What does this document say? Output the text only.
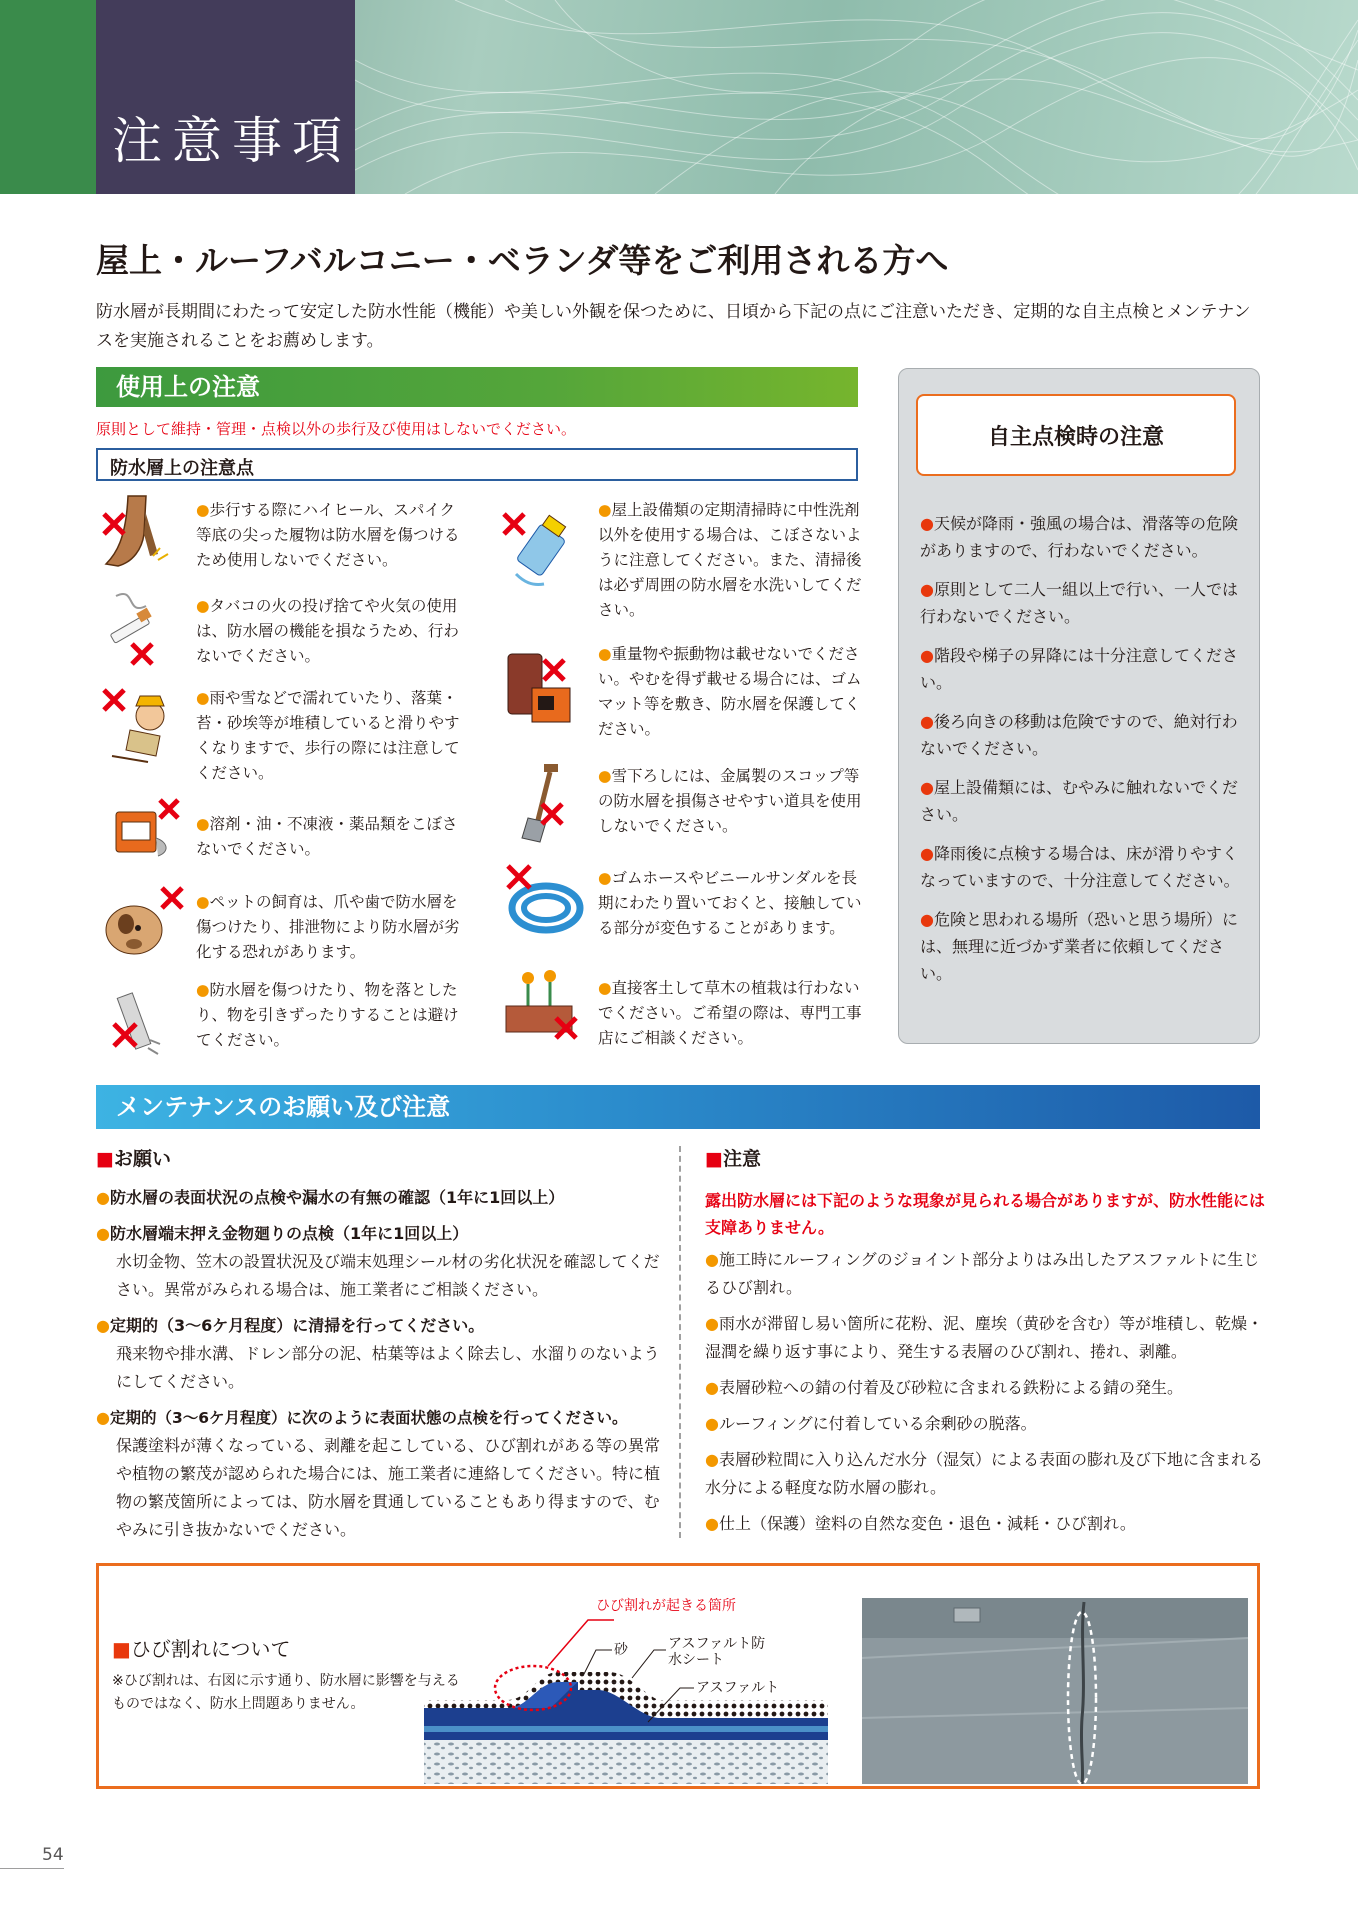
注意事項
屋上・ルーフバルコニー・ベランダ等をご利用される方へ
防水層が長期間にわたって安定した防水性能（機能）や美しい外観を保つために、日頃から下記の点にご注意いただき、定期的な自主点検とメンテナンスを実施されることをお薦めします。
使用上の注意
原則として維持・管理・点検以外の歩行及び使用はしないでください。
防水層上の注意点
●歩行する際にハイヒール、スパイク等底の尖った履物は防水層を傷つけるため使用しないでください。
●タバコの火の投げ捨てや火気の使用は、防水層の機能を損なうため、行わないでください。
●雨や雪などで濡れていたり、落葉・苔・砂埃等が堆積していると滑りやすくなりますで、歩行の際には注意してください。
●溶剤・油・不凍液・薬品類をこぼさないでください。
●ペットの飼育は、爪や歯で防水層を傷つけたり、排泄物により防水層が劣化する恐れがあります。
●防水層を傷つけたり、物を落としたり、物を引きずったりすることは避けてください。
●屋上設備類の定期清掃時に中性洗剤以外を使用する場合は、こぼさないように注意してください。また、清掃後は必ず周囲の防水層を水洗いしてください。
●重量物や振動物は載せないでください。やむを得ず載せる場合には、ゴムマット等を敷き、防水層を保護してください。
●雪下ろしには、金属製のスコップ等の防水層を損傷させやすい道具を使用しないでください。
●ゴムホースやビニールサンダルを長期にわたり置いておくと、接触している部分が変色することがあります。
●直接客土して草木の植栽は行わないでください。ご希望の際は、専門工事店にご相談ください。
自主点検時の注意
●天候が降雨・強風の場合は、滑落等の危険がありますので、行わないでください。
●原則として二人一組以上で行い、一人では行わないでください。
●階段や梯子の昇降には十分注意してください。
●後ろ向きの移動は危険ですので、絶対行わないでください。
●屋上設備類には、むやみに触れないでください。
●降雨後に点検する場合は、床が滑りやすくなっていますので、十分注意してください。
●危険と思われる場所（恐いと思う場所）には、無理に近づかず業者に依頼してください。
メンテナンスのお願い及び注意
■お願い
●防水層の表面状況の点検や漏水の有無の確認（1年に1回以上）
●防水層端末押え金物廻りの点検（1年に1回以上）
水切金物、笠木の設置状況及び端末処理シール材の劣化状況を確認してください。異常がみられる場合は、施工業者にご相談ください。
●定期的（3〜6ケ月程度）に清掃を行ってください。
飛来物や排水溝、ドレン部分の泥、枯葉等はよく除去し、水溜りのないようにしてください。
●定期的（3〜6ケ月程度）に次のように表面状態の点検を行ってください。
保護塗料が薄くなっている、剥離を起こしている、ひび割れがある等の異常や植物の繁茂が認められた場合には、施工業者に連絡してください。特に植物の繁茂箇所によっては、防水層を貫通していることもあり得ますので、むやみに引き抜かないでください。
■注意
露出防水層には下記のような現象が見られる場合がありますが、防水性能には支障ありません。
●施工時にルーフィングのジョイント部分よりはみ出したアスファルトに生じるひび割れ。
●雨水が滞留し易い箇所に花粉、泥、塵埃（黄砂を含む）等が堆積し、乾燥・湿潤を繰り返す事により、発生する表層のひび割れ、捲れ、剥離。
●表層砂粒への錆の付着及び砂粒に含まれる鉄粉による錆の発生。
●ルーフィングに付着している余剰砂の脱落。
●表層砂粒間に入り込んだ水分（湿気）による表面の膨れ及び下地に含まれる水分による軽度な防水層の膨れ。
●仕上（保護）塗料の自然な変色・退色・減耗・ひび割れ。
■ひび割れについて
※ひび割れは、右図に示す通り、防水層に影響を与えるものではなく、防水上問題ありません。
ひび割れが起きる箇所
砂	アスファルト防水シート
アスファルト
54
